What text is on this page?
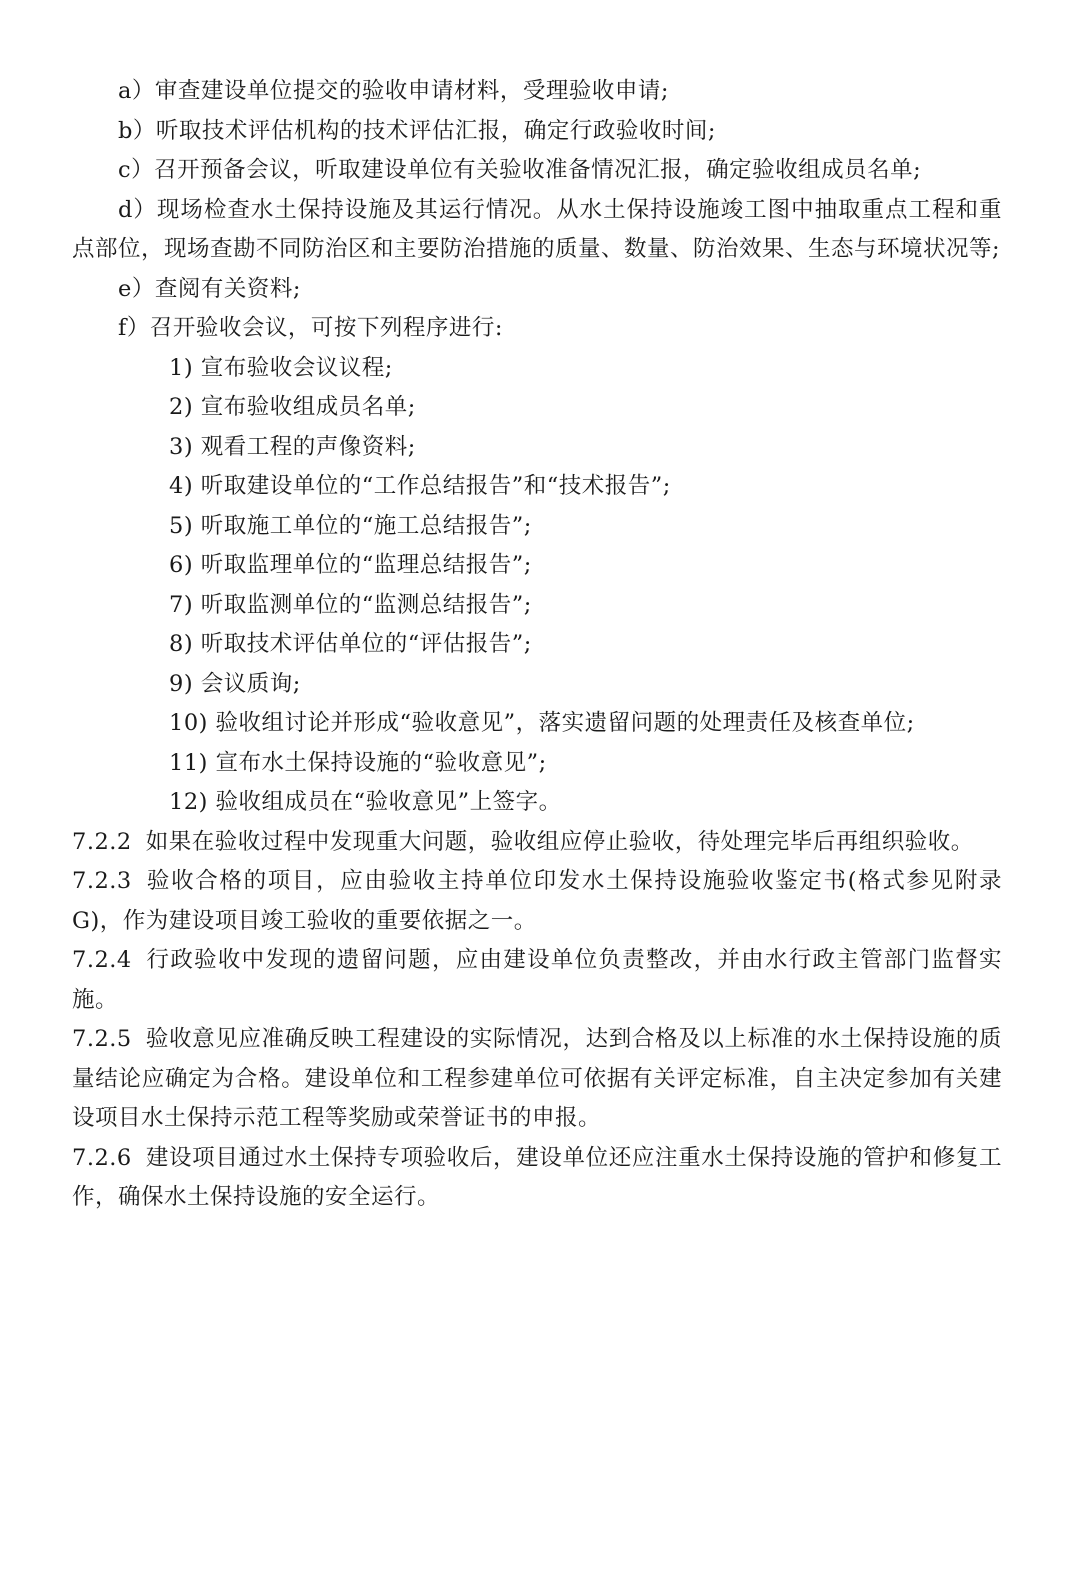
a）审查建设单位提交的验收申请材料，受理验收申请;
b）听取技术评估机构的技术评估汇报，确定行政验收时间;
c）召开预备会议，听取建设单位有关验收准备情况汇报，确定验收组成员名单;
d）现场检查水土保持设施及其运行情况。从水土保持设施竣工图中抽取重点工程和重点部位，现场查勘不同防治区和主要防治措施的质量、数量、防治效果、生态与环境状况等;
e）查阅有关资料;
f）召开验收会议，可按下列程序进行:
1) 宣布验收会议议程;
2) 宣布验收组成员名单;
3) 观看工程的声像资料;
4) 听取建设单位的“工作总结报告”和“技术报告”;
5) 听取施工单位的“施工总结报告”;
6) 听取监理单位的“监理总结报告”;
7) 听取监测单位的“监测总结报告”;
8) 听取技术评估单位的“评估报告”;
9) 会议质询;
10) 验收组讨论并形成“验收意见”，落实遗留问题的处理责任及核查单位;
11) 宣布水土保持设施的“验收意见”;
12) 验收组成员在“验收意见”上签字。
7.2.2 如果在验收过程中发现重大问题，验收组应停止验收，待处理完毕后再组织验收。
7.2.3 验收合格的项目，应由验收主持单位印发水土保持设施验收鉴定书(格式参见附录G)，作为建设项目竣工验收的重要依据之一。
7.2.4 行政验收中发现的遗留问题，应由建设单位负责整改，并由水行政主管部门监督实施。
7.2.5 验收意见应准确反映工程建设的实际情况，达到合格及以上标准的水土保持设施的质量结论应确定为合格。建设单位和工程参建单位可依据有关评定标准，自主决定参加有关建设项目水土保持示范工程等奖励或荣誉证书的申报。
7.2.6 建设项目通过水土保持专项验收后，建设单位还应注重水土保持设施的管护和修复工作，确保水土保持设施的安全运行。
